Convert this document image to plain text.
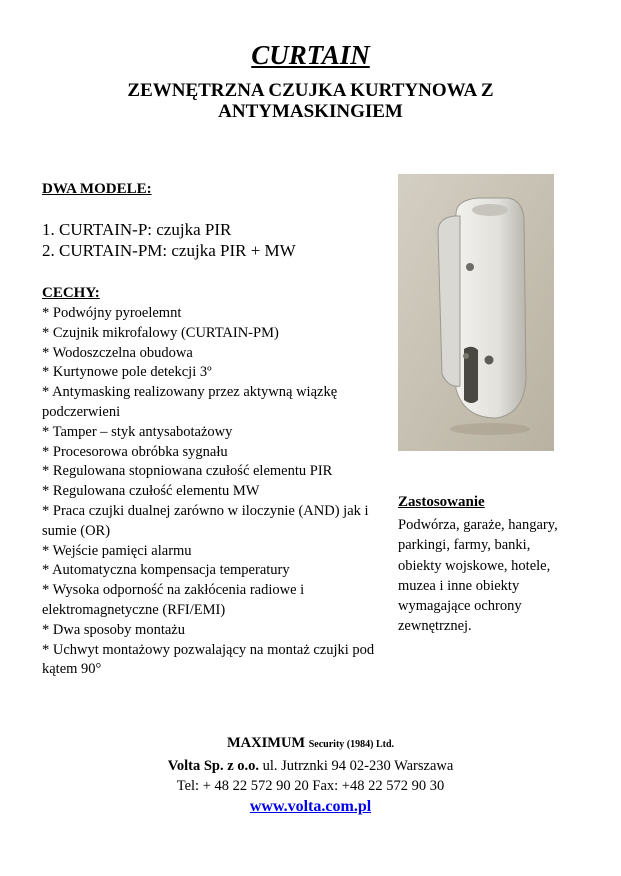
CURTAIN
ZEWNĘTRZNA CZUJKA KURTYNOWA Z ANTYMASKINGIEM
DWA MODELE:
1. CURTAIN-P: czujka PIR
2. CURTAIN-PM: czujka PIR + MW
CECHY:
* Podwójny pyroelemnt
* Czujnik mikrofalowy (CURTAIN-PM)
* Wodoszczelna obudowa
* Kurtynowe pole detekcji 3º
* Antymasking realizowany przez aktywną wiązkę podczerwieni
* Tamper – styk antysabotażowy
* Procesorowa obróbka sygnału
* Regulowana stopniowana czułość elementu PIR
* Regulowana czułość elementu MW
* Praca czujki dualnej zarówno w iloczynie (AND) jak i sumie (OR)
* Wejście pamięci alarmu
* Automatyczna kompensacja temperatury
* Wysoka odporność na zakłócenia radiowe i elektromagnetyczne (RFI/EMI)
* Dwa sposoby montażu
* Uchwyt montażowy pozwalający na montaż czujki pod kątem 90°
Zastosowanie
Podwórza, garaże, hangary, parkingi, farmy, banki, obiekty wojskowe, hotele, muzea i inne obiekty wymagające ochrony zewnętrznej.
MAXIMUM Security (1984) Ltd.
Volta Sp. z o.o. ul. Jutrznki 94 02-230 Warszawa
Tel: + 48 22 572 90 20 Fax: +48 22 572 90 30
www.volta.com.pl
